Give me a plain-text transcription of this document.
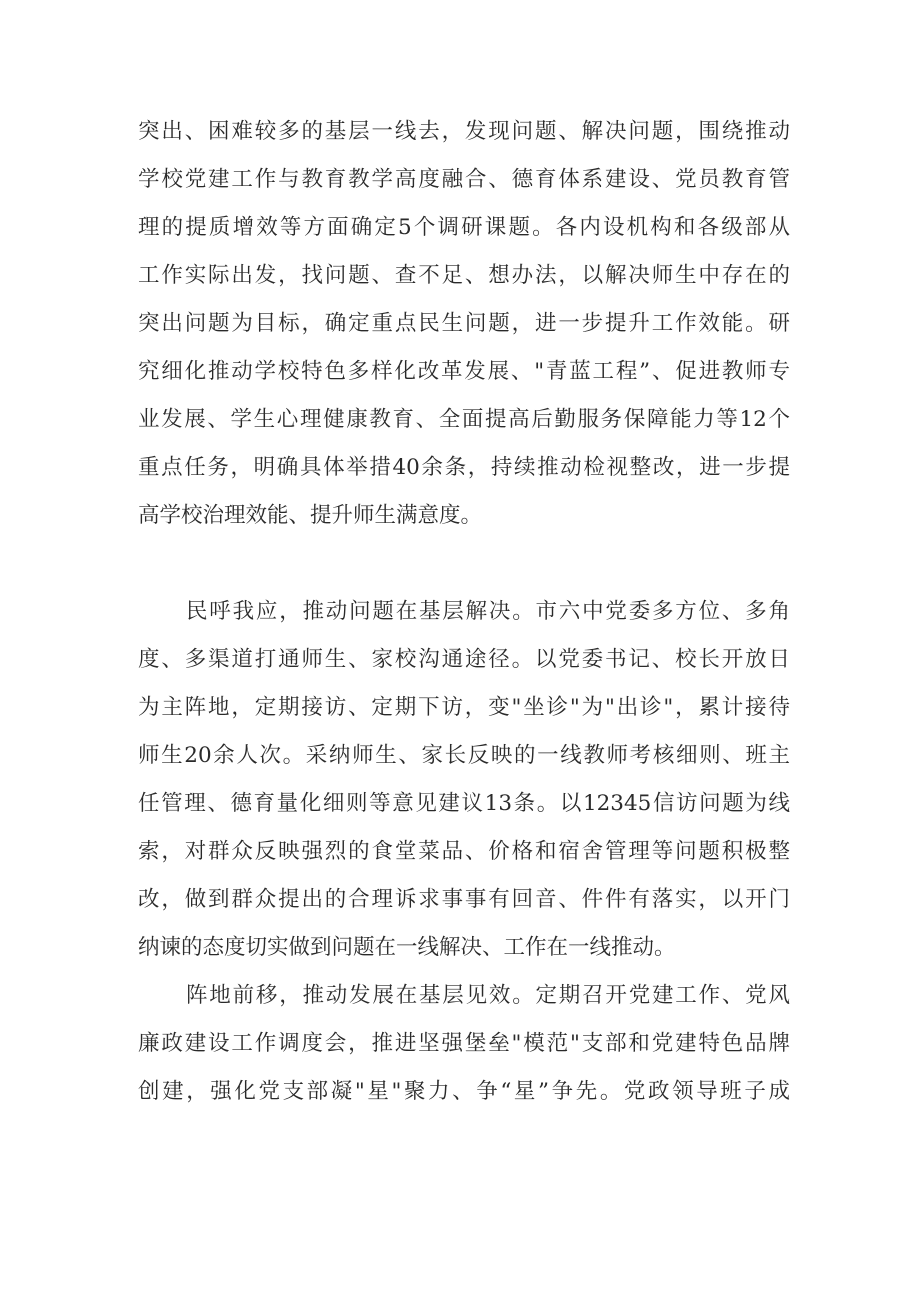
突出、困难较多的基层一线去，发现问题、解决问题，围绕推动
学校党建工作与教育教学高度融合、德育体系建设、党员教育管
理的提质增效等方面确定5个调研课题。各内设机构和各级部从
工作实际出发，找问题、查不足、想办法，以解决师生中存在的
突出问题为目标，确定重点民生问题，进一步提升工作效能。研
究细化推动学校特色多样化改革发展、"青蓝工程”、促进教师专
业发展、学生心理健康教育、全面提高后勤服务保障能力等12个
重点任务，明确具体举措40余条，持续推动检视整改，进一步提
高学校治理效能、提升师生满意度。
民呼我应，推动问题在基层解决。市六中党委多方位、多角
度、多渠道打通师生、家校沟通途径。以党委书记、校长开放日
为主阵地，定期接访、定期下访，变"坐诊"为"出诊"，累计接待
师生20余人次。采纳师生、家长反映的一线教师考核细则、班主
任管理、德育量化细则等意见建议13条。以12345信访问题为线
索，对群众反映强烈的食堂菜品、价格和宿舍管理等问题积极整
改，做到群众提出的合理诉求事事有回音、件件有落实，以开门
纳谏的态度切实做到问题在一线解决、工作在一线推动。
阵地前移，推动发展在基层见效。定期召开党建工作、党风
廉政建设工作调度会，推进坚强堡垒"模范"支部和党建特色品牌
创建，强化党支部凝"星"聚力、争“星”争先。党政领导班子成
